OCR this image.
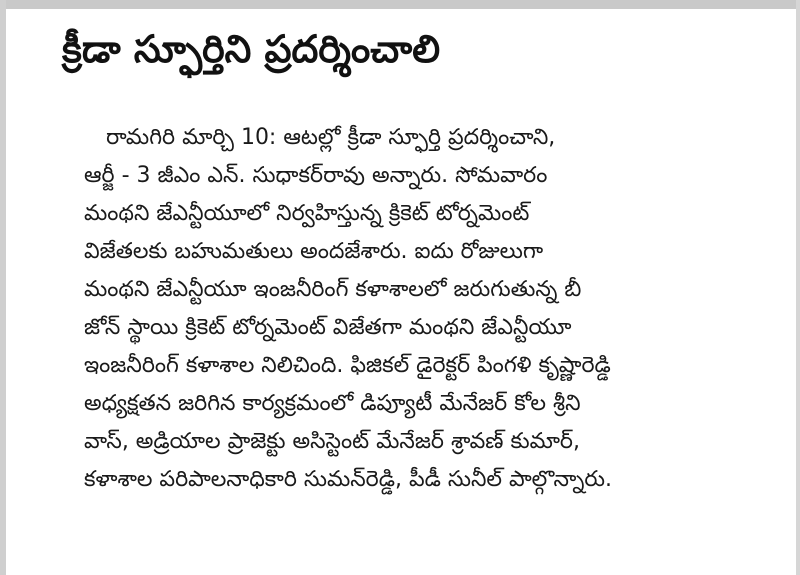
క్రీడా స్ఫూర్తిని ప్రదర్శించాలి
రామగిరి మార్చి 10: ఆటల్లో క్రీడా స్ఫూర్తి ప్రదర్శించాని,
ఆర్జీ - 3 జీఎం ఎన్. సుధాకర్‌రావు అన్నారు. సోమవారం
మంథని జేఎన్టీయూలో నిర్వహిస్తున్న క్రికెట్ టోర్నమెంట్
విజేతలకు బహుమతులు అందజేశారు. ఐదు రోజులుగా
మంథని జేఎన్టీయూ ఇంజనీరింగ్ కళాశాలలో జరుగుతున్న బీ
జోన్ స్థాయి క్రికెట్ టోర్నమెంట్ విజేతగా మంథని జేఎన్టీయూ
ఇంజనీరింగ్ కళాశాల నిలిచింది. ఫిజికల్ డైరెక్టర్ పింగళి కృష్ణారెడ్డి
అధ్యక్షతన జరిగిన కార్యక్రమంలో డిప్యూటీ మేనేజర్ కోల శ్రీని
వాస్, అడ్రియాల ప్రాజెక్టు అసిస్టెంట్ మేనేజర్ శ్రావణ్ కుమార్,
కళాశాల పరిపాలనాధికారి సుమన్‌రెడ్డి, పీడీ సునీల్ పాల్గొన్నారు.
